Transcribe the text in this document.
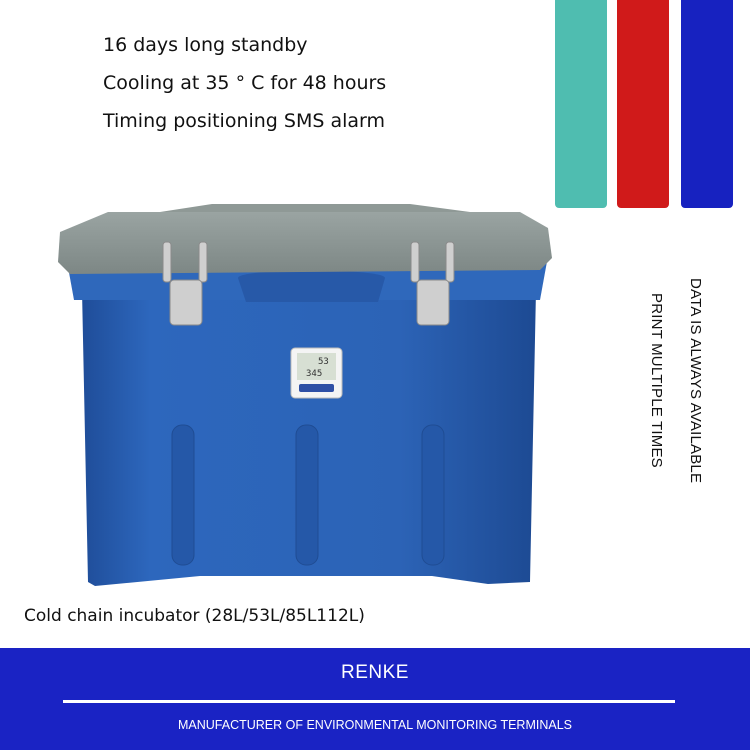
16 days long standby
Cooling at 35 ° C for 48 hours
Timing positioning SMS alarm
DATA IS ALWAYS AVAILABLE
PRINT MULTIPLE TIMES
53
345
Cold chain incubator (28L/53L/85L112L)
RENKE
MANUFACTURER OF ENVIRONMENTAL MONITORING TERMINALS
